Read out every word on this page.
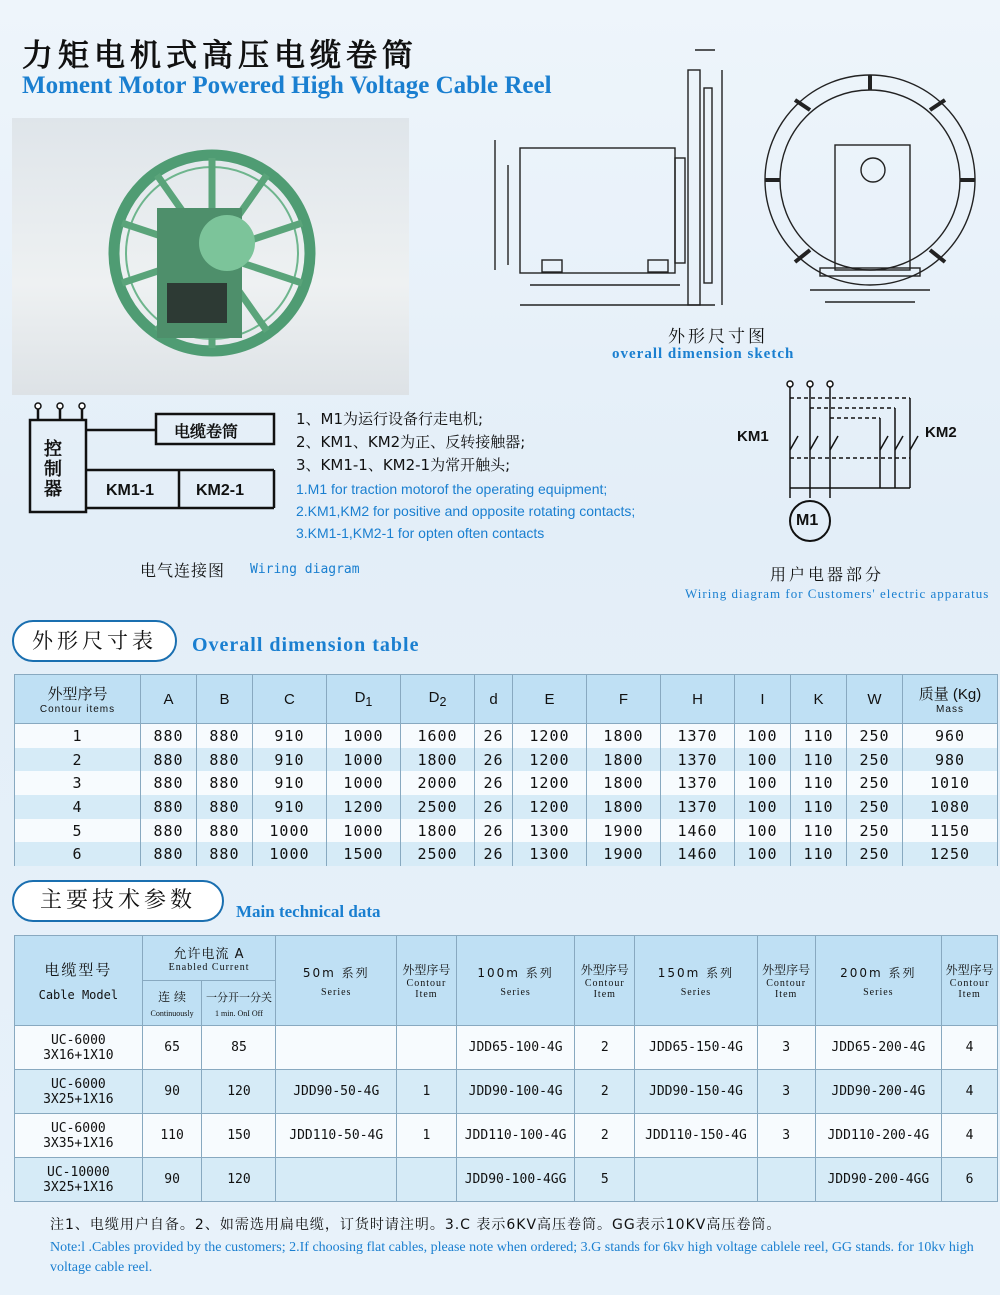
力矩电机式高压电缆卷筒
Moment Motor Powered High Voltage Cable Reel
外形尺寸图
overall dimension sketch
控制器
电缆卷筒
KM1-1	KM2-1
电气连接图 Wiring diagram
1、M1为运行设备行走电机;
2、KM1、KM2为正、反转接触器;
3、KM1-1、KM2-1为常开触头;
1.M1 for traction motorof the operating equipment;
2.KM1,KM2 for positive and opposite rotating contacts;
3.KM1-1,KM2-1 for opten often contacts
KM1	KM2
M1
用户电器部分
Wiring diagram for Customers' electric apparatus
外形尺寸表	Overall dimension table
外型序号
Contour items	A	B	C	$D_1$	$D_2$	d	E	F	H	I	K	W	质量 (Kg)
Mass

1	880	880	910	1000	1600	26	1200	1800	1370	100	110	250	960
2	880	880	910	1000	1800	26	1200	1800	1370	100	110	250	980
3	880	880	910	1000	2000	26	1200	1800	1370	100	110	250	1010
4	880	880	910	1200	2500	26	1200	1800	1370	100	110	250	1080
5	880	880	1000	1000	1800	26	1300	1900	1460	100	110	250	1150
6	880	880	1000	1500	2500	26	1300	1900	1460	100	110	250	1250
主要技术参数	Main technical data
电缆型号
Cable Model	允许电流 A
Enabled Current		50m 系列
Series	外型序号
Contour Item	100m 系列
Series	外型序号
Contour Item	150m 系列
Series	外型序号
Contour Item	200m 系列
Series	外型序号
Contour Item

	连 续
Continuously	一分开一分关
1 min. OnI Off								

UC-6000
3X16+1X10	65	85			JDD65-100-4G	2	JDD65-150-4G	3	JDD65-200-4G	4

UC-6000
3X25+1X16	90	120	JDD90-50-4G	1	JDD90-100-4G	2	JDD90-150-4G	3	JDD90-200-4G	4

UC-6000
3X35+1X16	110	150	JDD110-50-4G	1	JDD110-100-4G	2	JDD110-150-4G	3	JDD110-200-4G	4

UC-10000
3X25+1X16	90	120			JDD90-100-4GG	5			JDD90-200-4GG	6
注1、电缆用户自备。2、如需选用扁电缆，订货时请注明。3.C 表示6KV高压卷筒。GG表示10KV高压卷筒。
Note:l .Cables provided by the customers; 2.If choosing flat cables, please note when ordered; 3.G stands for 6kv high voltage cablele reel, GG stands. for 10kv high voltage cable reel.
